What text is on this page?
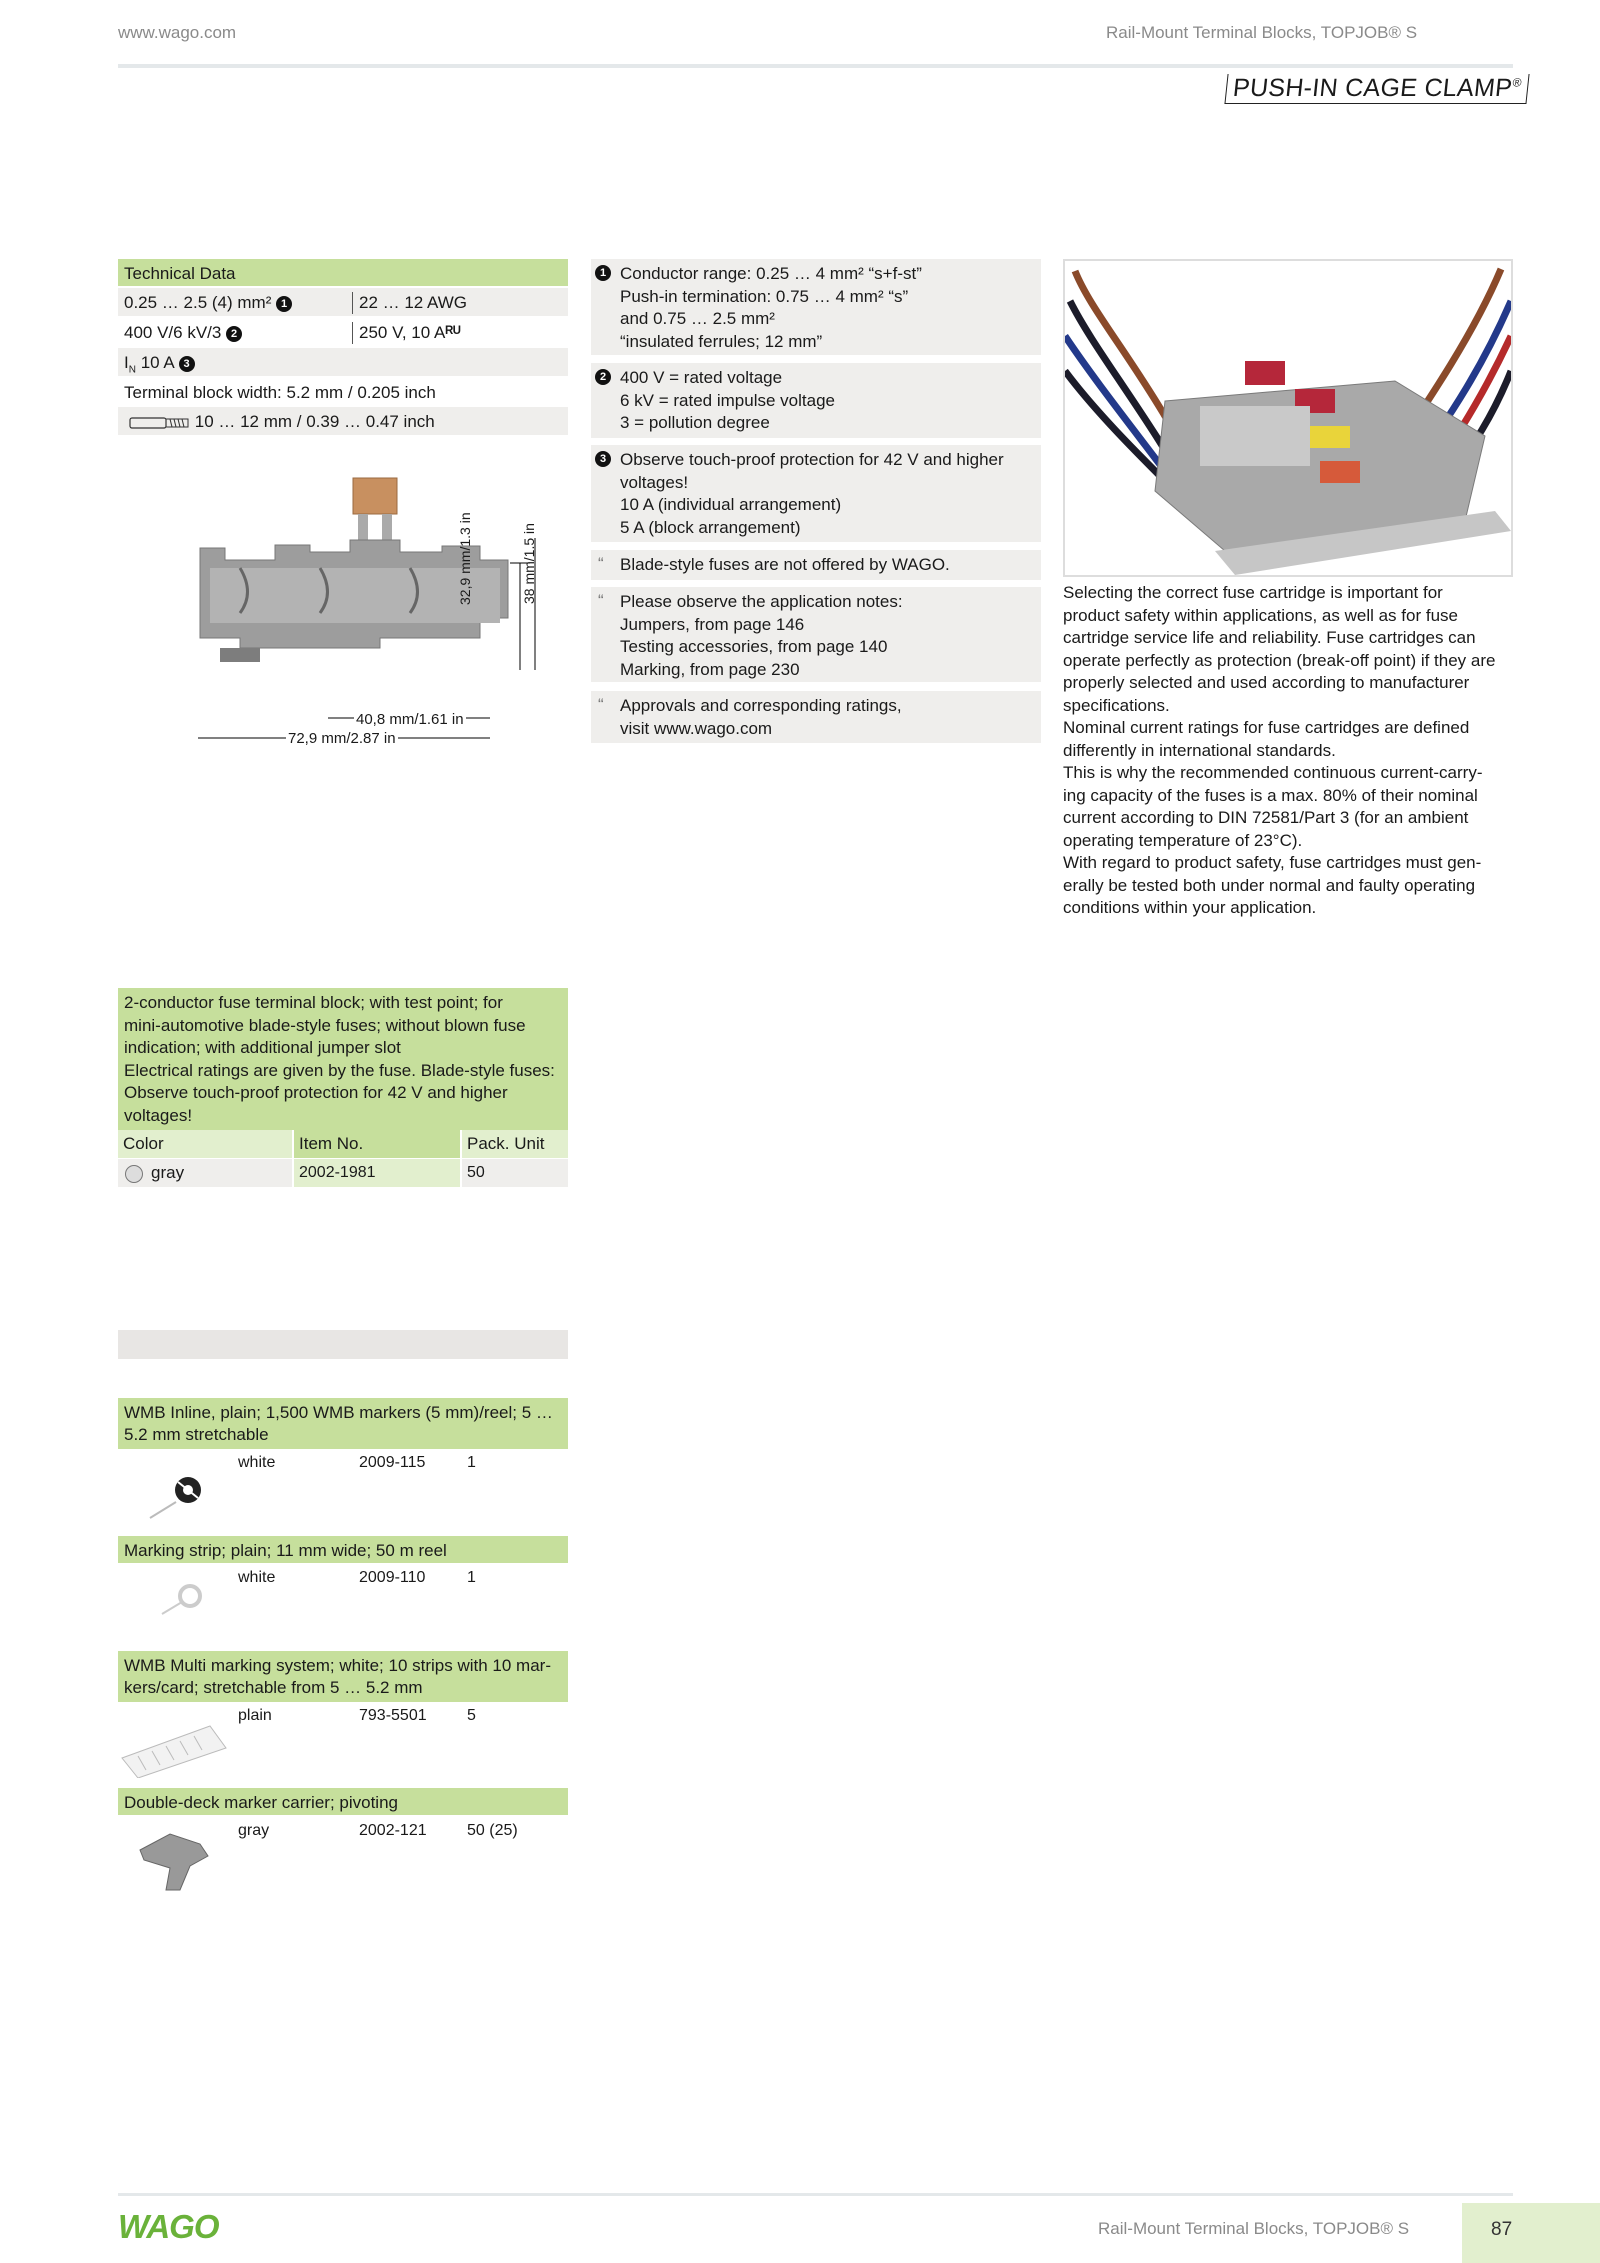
www.wago.com	Rail-Mount Terminal Blocks, TOPJOB® S
PUSH-IN CAGE CLAMP®
Technical Data
0.25 … 2.5 (4) mm² 1	22 … 12 AWG
400 V/6 kV/3 2	250 V, 10 Aᴿᵁ
$I_N$ 10 A 3
Terminal block width: 5.2 mm / 0.205 inch
10 … 12 mm / 0.39 … 0.47 inch
32,9 mm/1.3 in	38 mm/1.5 in
40,8 mm/1.61 in
72,9 mm/2.87 in
1 Conductor range: 0.25 … 4 mm² “s+f-st”
Push-in termination: 0.75 … 4 mm² “s”
and 0.75 … 2.5 mm²
“insulated ferrules; 12 mm”
2 400 V = rated voltage
6 kV = rated impulse voltage
3 = pollution degree
3 Observe touch-proof protection for 42 V and higher
voltages!
10 A (individual arrangement)
5 A (block arrangement)
“ Blade-style fuses are not offered by WAGO.
“ Please observe the application notes:
Jumpers, from page 146
Testing accessories, from page 140
Marking, from page 230
“ Approvals and corresponding ratings,
visit www.wago.com
Selecting the correct fuse cartridge is important for
product safety within applications, as well as for fuse
cartridge service life and reliability. Fuse cartridges can
operate perfectly as protection (break-off point) if they are
properly selected and used according to manufacturer
specifications.
Nominal current ratings for fuse cartridges are defined
differently in international standards.
This is why the recommended continuous current-carry-
ing capacity of the fuses is a max. 80% of their nominal
current according to DIN 72581/Part 3 (for an ambient
operating temperature of 23°C).
With regard to product safety, fuse cartridges must gen-
erally be tested both under normal and faulty operating
conditions within your application.
2-conductor fuse terminal block; with test point; for
mini-automotive blade-style fuses; without blown fuse
indication; with additional jumper slot
Electrical ratings are given by the fuse. Blade-style fuses:
Observe touch-proof protection for 42 V and higher
voltages!
Color	Item No.	Pack. Unit
gray	2002-1981	50
WMB Inline, plain; 1,500 WMB markers (5 mm)/reel; 5 …
5.2 mm stretchable
white	2009-115	1
Marking strip; plain; 11 mm wide; 50 m reel
white	2009-110	1
WMB Multi marking system; white; 10 strips with 10 mar-
kers/card; stretchable from 5 … 5.2 mm
plain	793-5501	5
Double-deck marker carrier; pivoting
gray	2002-121	50 (25)
WAGO	Rail-Mount Terminal Blocks, TOPJOB® S	87
